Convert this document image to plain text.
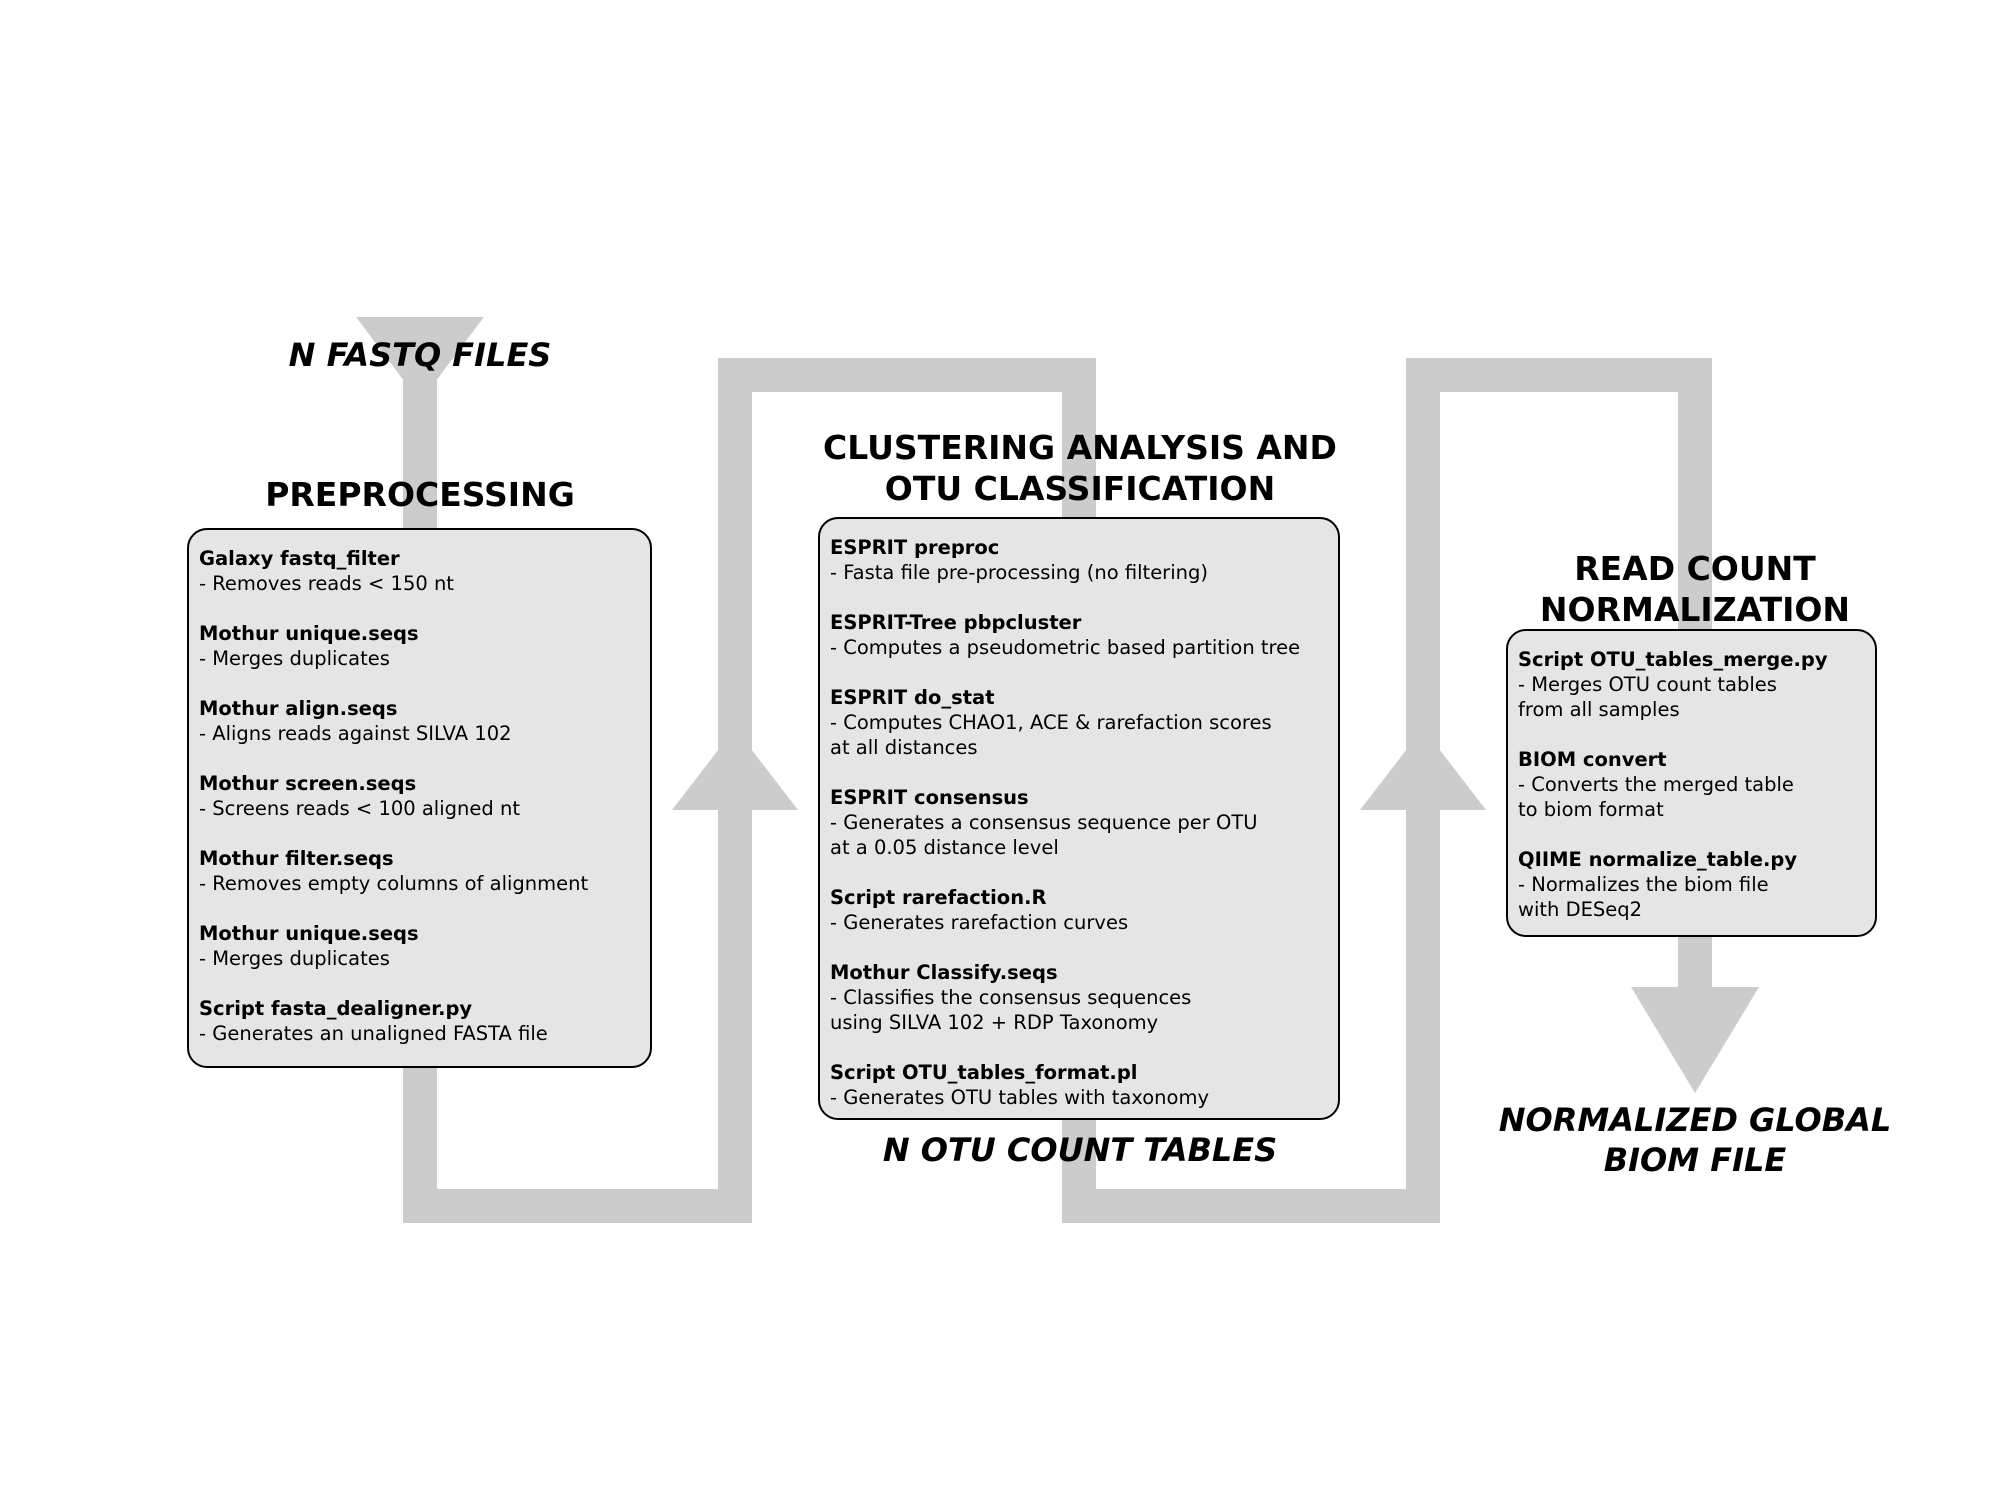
N FASTQ FILES
PREPROCESSING
Galaxy fastq_filter
- Removes reads < 150 nt
Mothur unique.seqs
- Merges duplicates
Mothur align.seqs
- Aligns reads against SILVA 102
Mothur screen.seqs
- Screens reads < 100 aligned nt
Mothur filter.seqs
- Removes empty columns of alignment
Mothur unique.seqs
- Merges duplicates
Script fasta_dealigner.py
- Generates an unaligned FASTA file
CLUSTERING ANALYSIS AND
OTU CLASSIFICATION
ESPRIT preproc
- Fasta file pre-processing (no filtering)
ESPRIT-Tree pbpcluster
- Computes a pseudometric based partition tree
ESPRIT do_stat
- Computes CHAO1, ACE & rarefaction scores
at all distances
ESPRIT consensus
- Generates a consensus sequence per OTU
at a 0.05 distance level
Script rarefaction.R
- Generates rarefaction curves
Mothur Classify.seqs
- Classifies the consensus sequences
using SILVA 102 + RDP Taxonomy
Script OTU_tables_format.pl
- Generates OTU tables with taxonomy
N OTU COUNT TABLES
READ COUNT
NORMALIZATION
Script OTU_tables_merge.py
- Merges OTU count tables
from all samples
BIOM convert
- Converts the merged table
to biom format
QIIME normalize_table.py
- Normalizes the biom file
with DESeq2
NORMALIZED GLOBAL
BIOM FILE
